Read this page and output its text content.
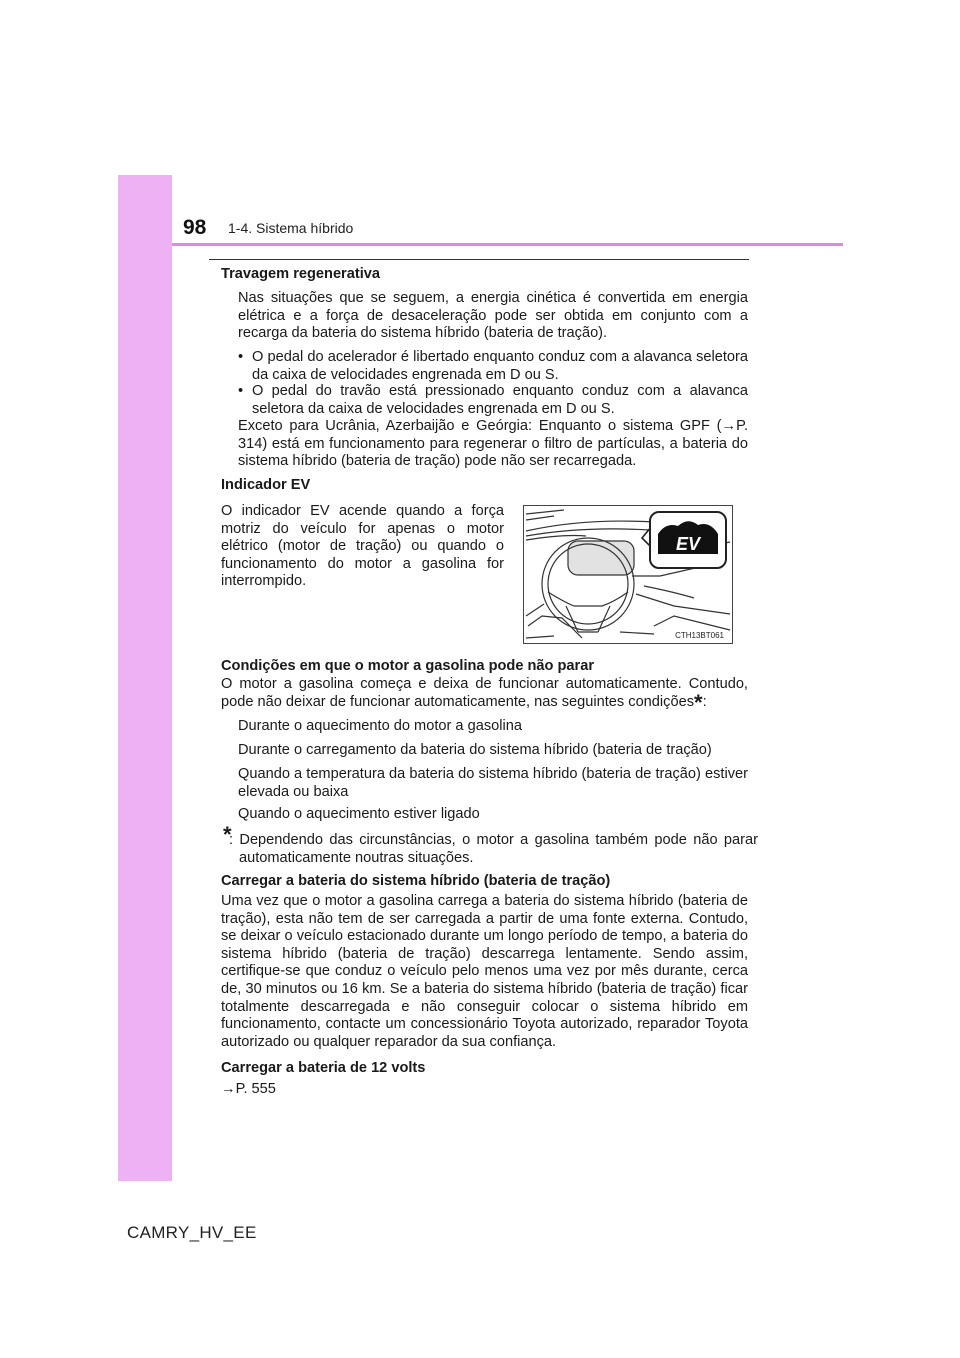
98 1-4. Sistema híbrido
Travagem regenerativa

Nas situações que se seguem, a energia cinética é convertida em energia elétrica e a força de desaceleração pode ser obtida em conjunto com a recarga da bateria do sistema híbrido (bateria de tração).

• O pedal do acelerador é libertado enquanto conduz com a alavanca seletora da caixa de velocidades engrenada em D ou S.
• O pedal do travão está pressionado enquanto conduz com a alavanca seletora da caixa de velocidades engrenada em D ou S.

Exceto para Ucrânia, Azerbaijão e Geórgia: Enquanto o sistema GPF (→P. 314) está em funcionamento para regenerar o filtro de partículas, a bateria do sistema híbrido (bateria de tração) pode não ser recarregada.

Indicador EV

O indicador EV acende quando a força motriz do veículo for apenas o motor elétrico (motor de tração) ou quando o funcionamento do motor a gasolina for interrompido.

EV
CTH13BT061
Condições em que o motor a gasolina pode não parar

O motor a gasolina começa e deixa de funcionar automaticamente. Contudo, pode não deixar de funcionar automaticamente, nas seguintes condições*:

Durante o aquecimento do motor a gasolina
Durante o carregamento da bateria do sistema híbrido (bateria de tração)

Quando a temperatura da bateria do sistema híbrido (bateria de tração) estiver elevada ou baixa

Quando o aquecimento estiver ligado
*

: Dependendo das circunstâncias, o motor a gasolina também pode não parar automaticamente noutras situações.

Carregar a bateria do sistema híbrido (bateria de tração)

Uma vez que o motor a gasolina carrega a bateria do sistema híbrido (bateria de tração), esta não tem de ser carregada a partir de uma fonte externa. Contudo, se deixar o veículo estacionado durante um longo período de tempo, a bateria do sistema híbrido (bateria de tração) descarrega lentamente. Sendo assim, certifique-se que conduz o veículo pelo menos uma vez por mês durante, cerca de, 30 minutos ou 16 km. Se a bateria do sistema híbrido (bateria de tração) ficar totalmente descarregada e não conseguir colocar o sistema híbrido em funcionamento, contacte um concessionário Toyota autorizado, reparador Toyota autorizado ou qualquer reparador da sua confiança.

Carregar a bateria de 12 volts
→P. 555
CAMRY_HV_EE
